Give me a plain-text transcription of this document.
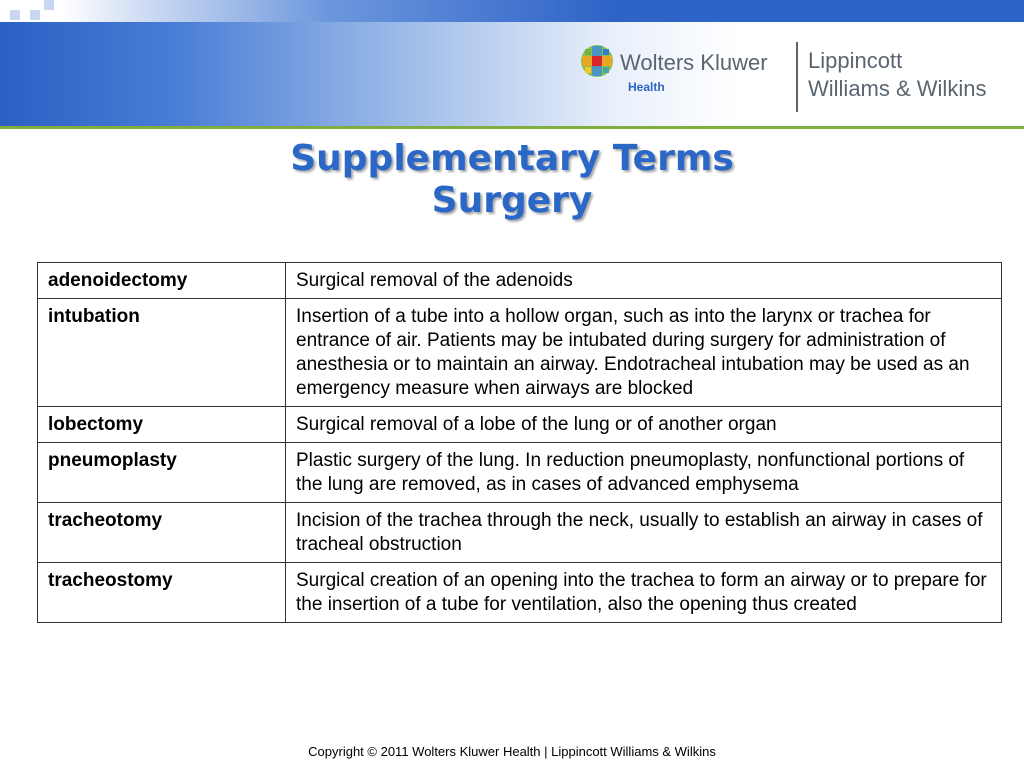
Wolters Kluwer
Health
Lippincott
Williams & Wilkins
Supplementary Terms
Surgery
adenoidectomy	Surgical removal of the adenoids
intubation	Insertion of a tube into a hollow organ, such as into the larynx or trachea for entrance of air. Patients may be intubated during surgery for administration of anesthesia or to maintain an airway. Endotracheal intubation may be used as an emergency measure when airways are blocked
lobectomy	Surgical removal of a lobe of the lung or of another organ
pneumoplasty	Plastic surgery of the lung. In reduction pneumoplasty, nonfunctional portions of the lung are removed, as in cases of advanced emphysema
tracheotomy	Incision of the trachea through the neck, usually to establish an airway in cases of tracheal obstruction
tracheostomy	Surgical creation of an opening into the trachea to form an airway or to prepare for the insertion of a tube for ventilation, also the opening thus created
Copyright © 2011 Wolters Kluwer Health | Lippincott Williams & Wilkins
